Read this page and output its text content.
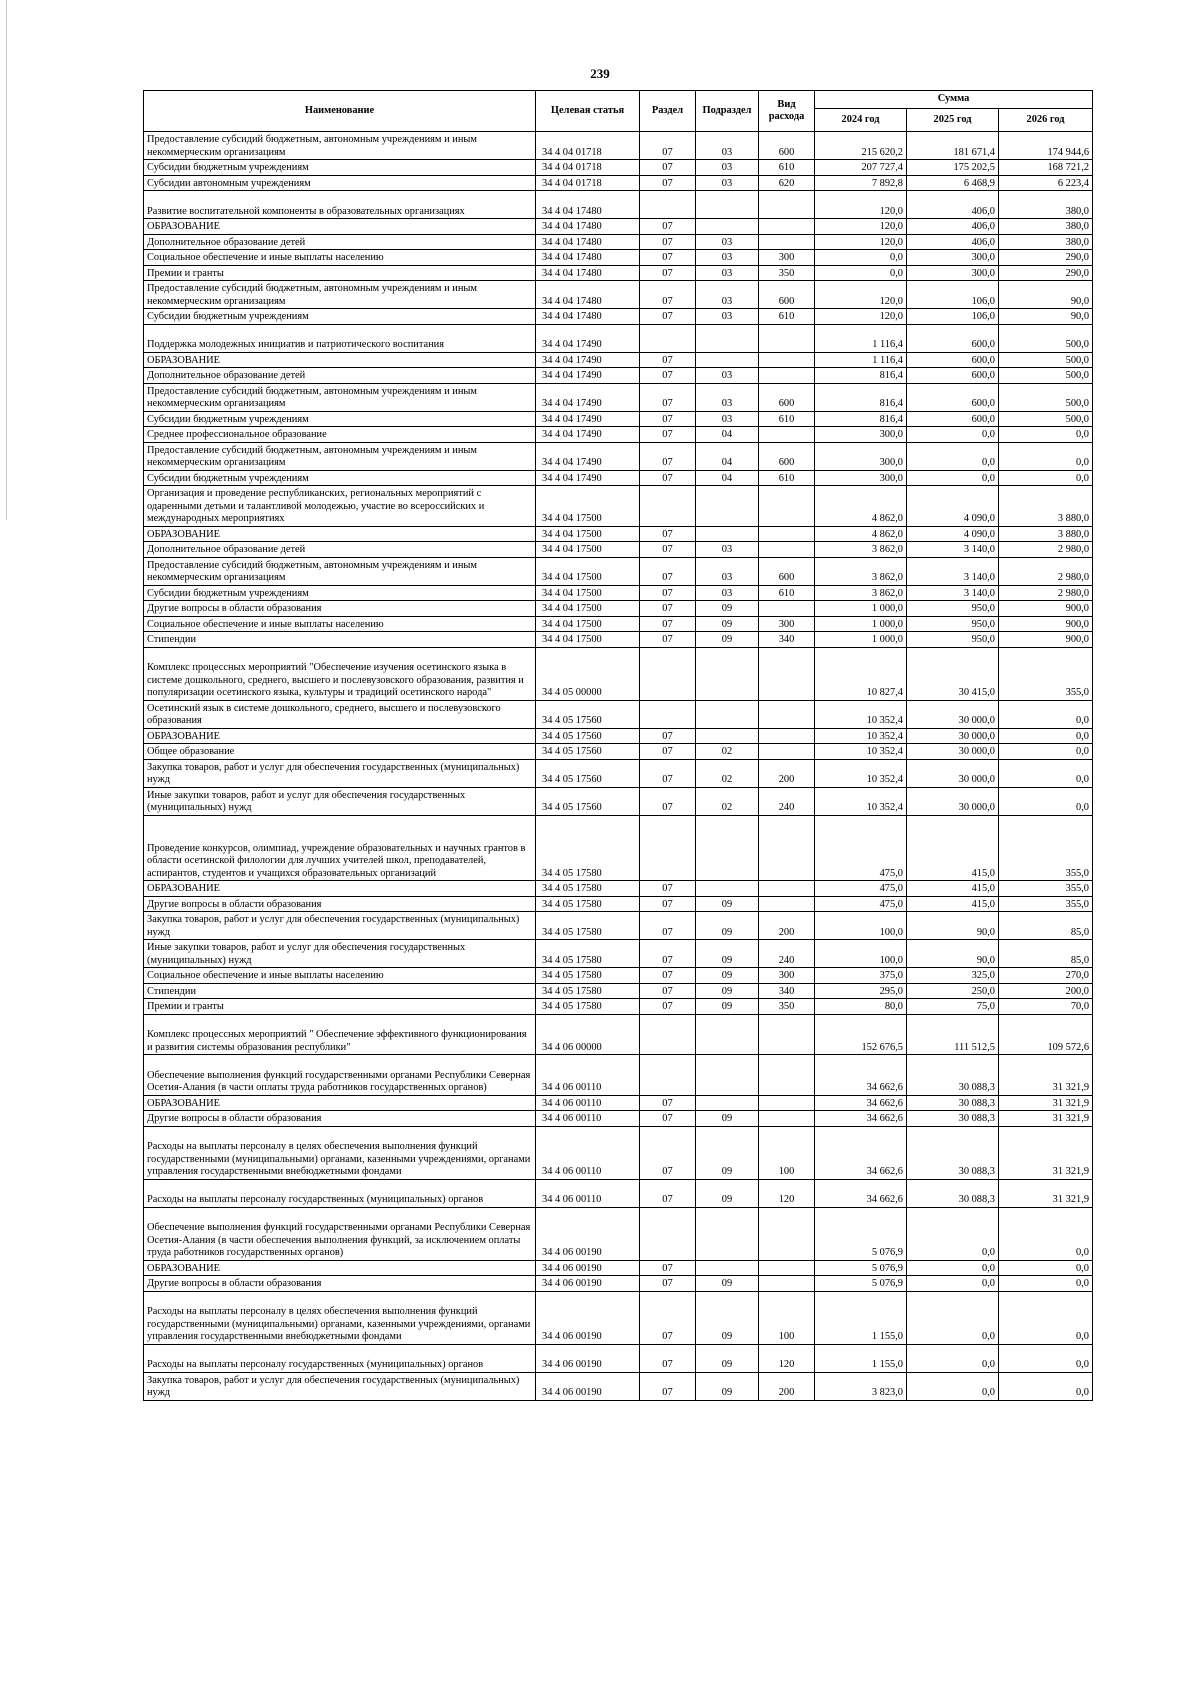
239
Наименование	Целевая статья	Раздел	Подраздел	Вид расхода	Сумма		
					2024 год	2025 год	2026 год
Предоставление субсидий бюджетным, автономным учреждениям и иным некоммерческим организациям	34 4 04 01718	07	03	600	215 620,2	181 671,4	174 944,6
Субсидии бюджетным учреждениям	34 4 04 01718	07	03	610	207 727,4	175 202,5	168 721,2
Субсидии автономным учреждениям	34 4 04 01718	07	03	620	7 892,8	6 468,9	6 223,4
Развитие воспитательной компоненты в образовательных организациях	34 4 04 17480				120,0	406,0	380,0
ОБРАЗОВАНИЕ	34 4 04 17480	07			120,0	406,0	380,0
Дополнительное образование детей	34 4 04 17480	07	03		120,0	406,0	380,0
Социальное обеспечение и иные выплаты населению	34 4 04 17480	07	03	300	0,0	300,0	290,0
Премии и гранты	34 4 04 17480	07	03	350	0,0	300,0	290,0
Предоставление субсидий бюджетным, автономным учреждениям и иным некоммерческим организациям	34 4 04 17480	07	03	600	120,0	106,0	90,0
Субсидии бюджетным учреждениям	34 4 04 17480	07	03	610	120,0	106,0	90,0
Поддержка молодежных инициатив и патриотического воспитания	34 4 04 17490				1 116,4	600,0	500,0
ОБРАЗОВАНИЕ	34 4 04 17490	07			1 116,4	600,0	500,0
Дополнительное образование детей	34 4 04 17490	07	03		816,4	600,0	500,0
Предоставление субсидий бюджетным, автономным учреждениям и иным некоммерческим организациям	34 4 04 17490	07	03	600	816,4	600,0	500,0
Субсидии бюджетным учреждениям	34 4 04 17490	07	03	610	816,4	600,0	500,0
Среднее профессиональное образование	34 4 04 17490	07	04		300,0	0,0	0,0
Предоставление субсидий бюджетным, автономным учреждениям и иным некоммерческим организациям	34 4 04 17490	07	04	600	300,0	0,0	0,0
Субсидии бюджетным учреждениям	34 4 04 17490	07	04	610	300,0	0,0	0,0
Организация и проведение республиканских, региональных мероприятий с одаренными детьми и талантливой молодежью, участие во всероссийских и международных мероприятиях	34 4 04 17500				4 862,0	4 090,0	3 880,0
ОБРАЗОВАНИЕ	34 4 04 17500	07			4 862,0	4 090,0	3 880,0
Дополнительное образование детей	34 4 04 17500	07	03		3 862,0	3 140,0	2 980,0
Предоставление субсидий бюджетным, автономным учреждениям и иным некоммерческим организациям	34 4 04 17500	07	03	600	3 862,0	3 140,0	2 980,0
Субсидии бюджетным учреждениям	34 4 04 17500	07	03	610	3 862,0	3 140,0	2 980,0
Другие вопросы в области образования	34 4 04 17500	07	09		1 000,0	950,0	900,0
Социальное обеспечение и иные выплаты населению	34 4 04 17500	07	09	300	1 000,0	950,0	900,0
Стипендии	34 4 04 17500	07	09	340	1 000,0	950,0	900,0
Комплекс процессных мероприятий "Обеспечение изучения осетинского языка в системе дошкольного, среднего, высшего и послевузовского образования, развития и популяризации осетинского языка, культуры и традиций осетинского народа"	34 4 05 00000				10 827,4	30 415,0	355,0
Осетинский язык в системе дошкольного, среднего, высшего и послевузовского образования	34 4 05 17560				10 352,4	30 000,0	0,0
ОБРАЗОВАНИЕ	34 4 05 17560	07			10 352,4	30 000,0	0,0
Общее образование	34 4 05 17560	07	02		10 352,4	30 000,0	0,0
Закупка товаров, работ и услуг для обеспечения государственных (муниципальных) нужд	34 4 05 17560	07	02	200	10 352,4	30 000,0	0,0
Иные закупки товаров, работ и услуг для обеспечения государственных (муниципальных) нужд	34 4 05 17560	07	02	240	10 352,4	30 000,0	0,0
Проведение конкурсов, олимпиад, учреждение образовательных и научных грантов в области осетинской филологии для лучших учителей школ, преподавателей, аспирантов, студентов и учащихся образовательных организаций	34 4 05 17580				475,0	415,0	355,0
ОБРАЗОВАНИЕ	34 4 05 17580	07			475,0	415,0	355,0
Другие вопросы в области образования	34 4 05 17580	07	09		475,0	415,0	355,0
Закупка товаров, работ и услуг для обеспечения государственных (муниципальных) нужд	34 4 05 17580	07	09	200	100,0	90,0	85,0
Иные закупки товаров, работ и услуг для обеспечения государственных (муниципальных) нужд	34 4 05 17580	07	09	240	100,0	90,0	85,0
Социальное обеспечение и иные выплаты населению	34 4 05 17580	07	09	300	375,0	325,0	270,0
Стипендии	34 4 05 17580	07	09	340	295,0	250,0	200,0
Премии и гранты	34 4 05 17580	07	09	350	80,0	75,0	70,0
Комплекс процессных мероприятий " Обеспечение эффективного функционирования и развития системы образования республики"	34 4 06 00000				152 676,5	111 512,5	109 572,6
Обеспечение выполнения функций государственными органами Республики Северная Осетия-Алания (в части оплаты труда работников государственных органов)	34 4 06 00110				34 662,6	30 088,3	31 321,9
ОБРАЗОВАНИЕ	34 4 06 00110	07			34 662,6	30 088,3	31 321,9
Другие вопросы в области образования	34 4 06 00110	07	09		34 662,6	30 088,3	31 321,9
Расходы на выплаты персоналу в целях обеспечения выполнения функций государственными (муниципальными) органами, казенными учреждениями, органами управления государственными внебюджетными фондами	34 4 06 00110	07	09	100	34 662,6	30 088,3	31 321,9
Расходы на выплаты персоналу государственных (муниципальных) органов	34 4 06 00110	07	09	120	34 662,6	30 088,3	31 321,9
Обеспечение выполнения функций государственными органами Республики Северная Осетия-Алания (в части обеспечения выполнения функций, за исключением оплаты труда работников государственных органов)	34 4 06 00190				5 076,9	0,0	0,0
ОБРАЗОВАНИЕ	34 4 06 00190	07			5 076,9	0,0	0,0
Другие вопросы в области образования	34 4 06 00190	07	09		5 076,9	0,0	0,0
Расходы на выплаты персоналу в целях обеспечения выполнения функций государственными (муниципальными) органами, казенными учреждениями, органами управления государственными внебюджетными фондами	34 4 06 00190	07	09	100	1 155,0	0,0	0,0
Расходы на выплаты персоналу государственных (муниципальных) органов	34 4 06 00190	07	09	120	1 155,0	0,0	0,0
Закупка товаров, работ и услуг для обеспечения государственных (муниципальных) нужд	34 4 06 00190	07	09	200	3 823,0	0,0	0,0
